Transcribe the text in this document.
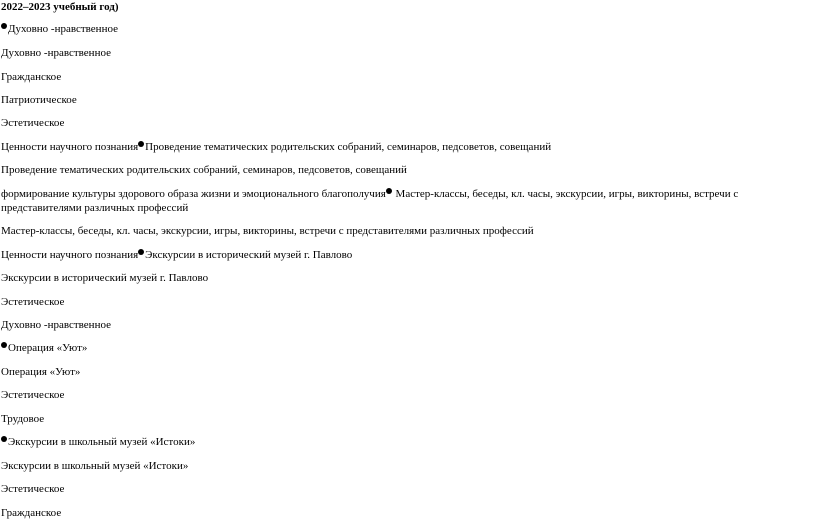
2022–2023 учебный год)
Духовно -нравственное
Духовно -нравственное
Гражданское
Патриотическое
Эстетическое
Ценности научного познания Проведение тематических родительских собраний, семинаров, педсоветов, совещаний
Проведение тематических родительских собраний, семинаров, педсоветов, совещаний
формирование культуры здорового образа жизни и эмоционального благополучия Мастер-классы, беседы, кл. часы, экскурсии, игры, викторины, встречи с представителями различных профессий
Мастер-классы, беседы, кл. часы, экскурсии, игры, викторины, встречи с представителями различных профессий
Ценности научного познания Экскурсии в исторический музей г. Павлово
Экскурсии в исторический музей г. Павлово
Эстетическое
Духовно -нравственное
Операция «Уют»
Операция «Уют»
Эстетическое
Трудовое
Экскурсии в школьный музей «Истоки»
Экскурсии в школьный музей «Истоки»
Эстетическое
Гражданское
